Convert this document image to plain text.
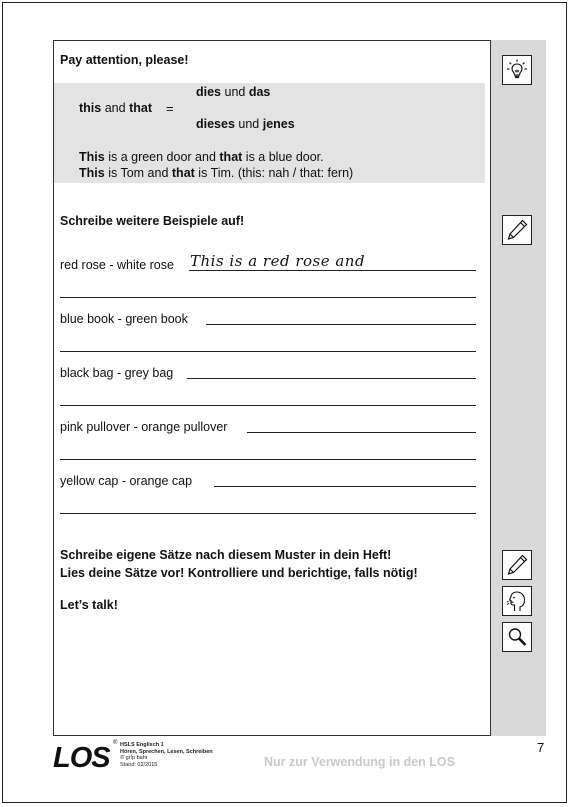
Pay attention, please!
this and that =
dies und das
dieses und jenes
This is a green door and that is a blue door.
This is Tom and that is Tim. (this: nah / that: fern)
Schreibe weitere Beispiele auf!
red rose - white rose This is a red rose and
blue book - green book
black bag - grey bag
pink pullover - orange pullover
yellow cap - orange cap
Schreibe eigene Sätze nach diesem Muster in dein Heft!
Lies deine Sätze vor! Kontrolliere und berichtige, falls nötig!
Let’s talk!
LOS ® HSLS Englisch 1
Hören, Sprechen, Lesen, Schreiben
© gr!p bahr
Stand: 02/2015	Nur zur Verwendung in den LOS
7
